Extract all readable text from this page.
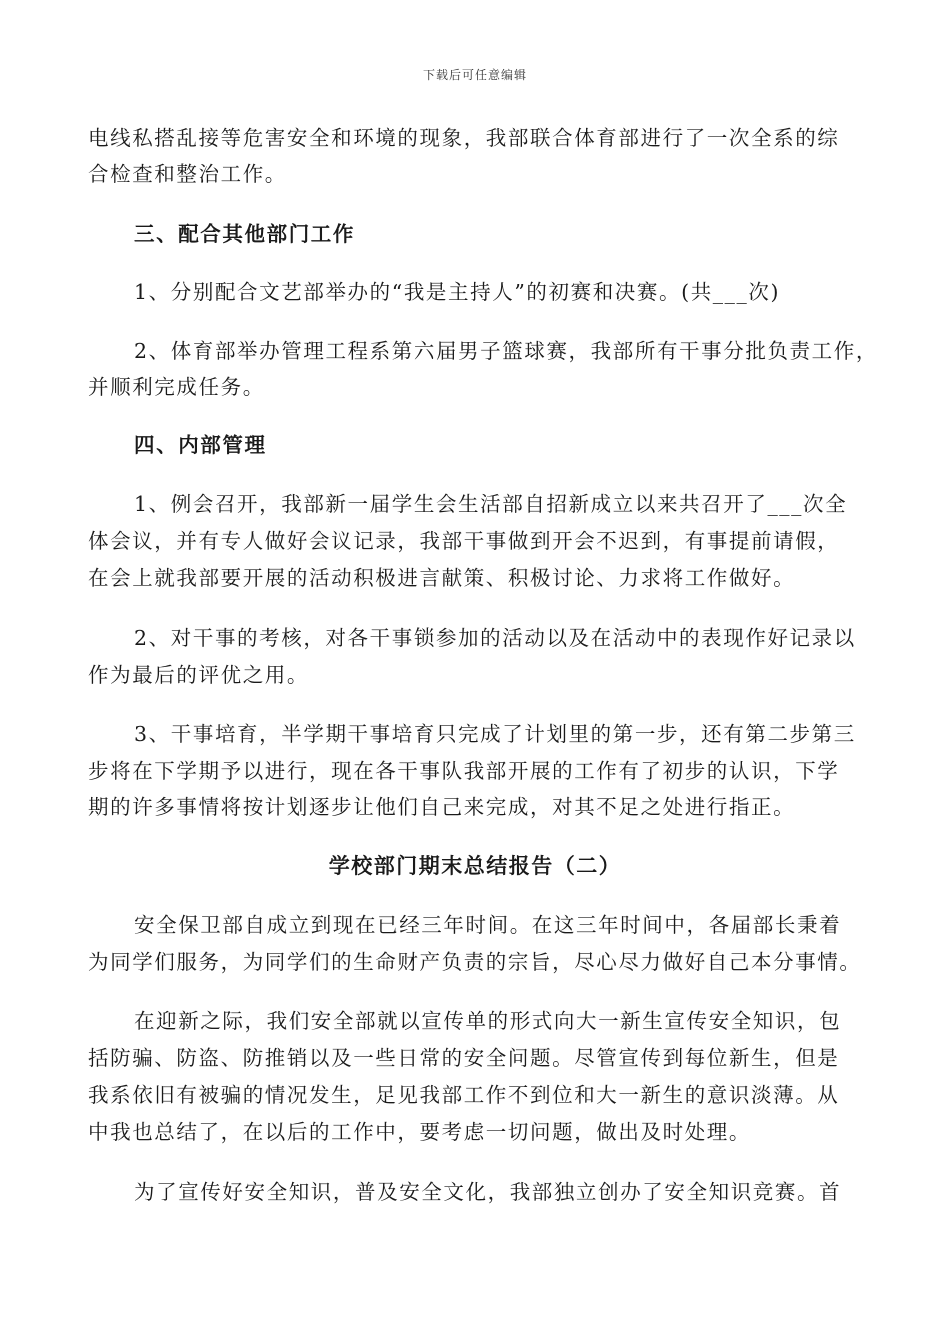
下载后可任意编辑
电线私搭乱接等危害安全和环境的现象，我部联合体育部进行了一次全系的综
合检查和整治工作。
三、配合其他部门工作
1、分别配合文艺部举办的“我是主持人”的初赛和决赛。(共___次)
2、体育部举办管理工程系第六届男子篮球赛，我部所有干事分批负责工作，
并顺利完成任务。
四、内部管理
1、例会召开，我部新一届学生会生活部自招新成立以来共召开了___次全
体会议，并有专人做好会议记录，我部干事做到开会不迟到，有事提前请假，
在会上就我部要开展的活动积极进言献策、积极讨论、力求将工作做好。
2、对干事的考核，对各干事锁参加的活动以及在活动中的表现作好记录以
作为最后的评优之用。
3、干事培育，半学期干事培育只完成了计划里的第一步，还有第二步第三
步将在下学期予以进行，现在各干事队我部开展的工作有了初步的认识，下学
期的许多事情将按计划逐步让他们自己来完成，对其不足之处进行指正。
学校部门期末总结报告（二）
安全保卫部自成立到现在已经三年时间。在这三年时间中，各届部长秉着
为同学们服务，为同学们的生命财产负责的宗旨，尽心尽力做好自己本分事情。
在迎新之际，我们安全部就以宣传单的形式向大一新生宣传安全知识，包
括防骗、防盗、防推销以及一些日常的安全问题。尽管宣传到每位新生，但是
我系依旧有被骗的情况发生，足见我部工作不到位和大一新生的意识淡薄。从
中我也总结了，在以后的工作中，要考虑一切问题，做出及时处理。
为了宣传好安全知识，普及安全文化，我部独立创办了安全知识竞赛。首
